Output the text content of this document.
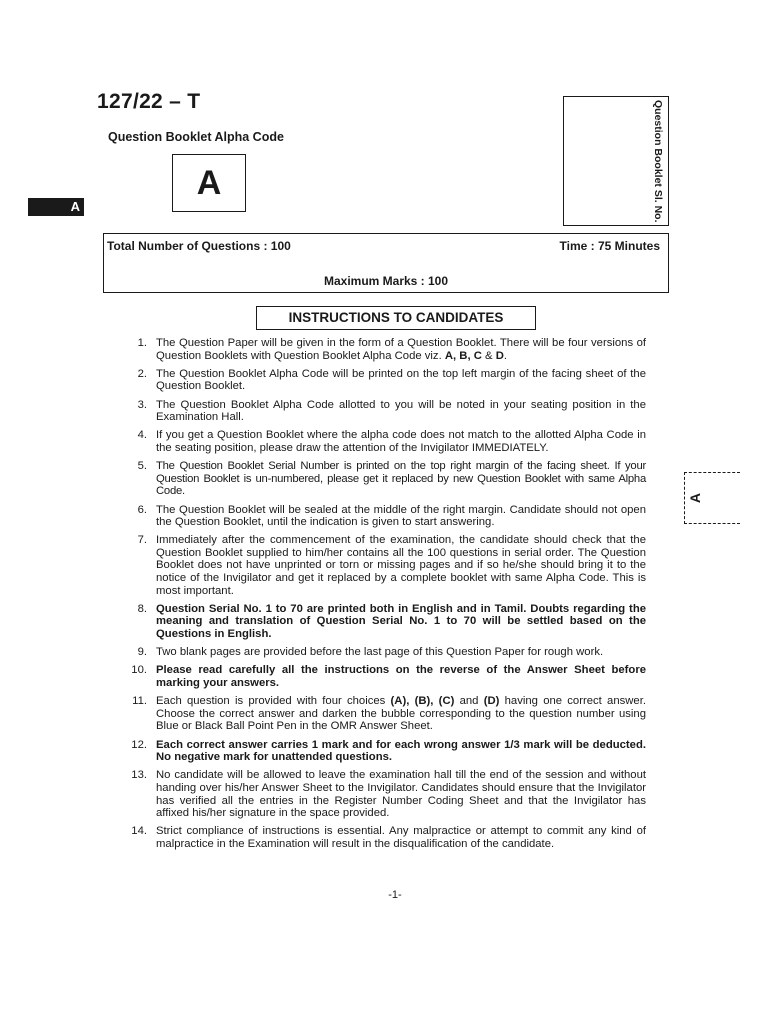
127/22 – T
Question Booklet Alpha Code
A
A	Question Booklet Sl. No.
Total Number of Questions : 100	Time : 75 Minutes
Maximum Marks : 100
INSTRUCTIONS TO CANDIDATES
1. The Question Paper will be given in the form of a Question Booklet. There will be four versions of Question Booklets with Question Booklet Alpha Code viz. A, B, C & D.
2. The Question Booklet Alpha Code will be printed on the top left margin of the facing sheet of the Question Booklet.
3. The Question Booklet Alpha Code allotted to you will be noted in your seating position in the Examination Hall.
4. If you get a Question Booklet where the alpha code does not match to the allotted Alpha Code in the seating position, please draw the attention of the Invigilator IMMEDIATELY.
5. The Question Booklet Serial Number is printed on the top right margin of the facing sheet. If your Question Booklet is un-numbered, please get it replaced by new Question Booklet with same Alpha Code.
6. The Question Booklet will be sealed at the middle of the right margin. Candidate should not open the Question Booklet, until the indication is given to start answering.
7. Immediately after the commencement of the examination, the candidate should check that the Question Booklet supplied to him/her contains all the 100 questions in serial order. The Question Booklet does not have unprinted or torn or missing pages and if so he/she should bring it to the notice of the Invigilator and get it replaced by a complete booklet with same Alpha Code. This is most important.
8. Question Serial No. 1 to 70 are printed both in English and in Tamil. Doubts regarding the meaning and translation of Question Serial No. 1 to 70 will be settled based on the Questions in English.
9. Two blank pages are provided before the last page of this Question Paper for rough work.
10. Please read carefully all the instructions on the reverse of the Answer Sheet before marking your answers.
11. Each question is provided with four choices (A), (B), (C) and (D) having one correct answer. Choose the correct answer and darken the bubble corresponding to the question number using Blue or Black Ball Point Pen in the OMR Answer Sheet.
12. Each correct answer carries 1 mark and for each wrong answer 1/3 mark will be deducted. No negative mark for unattended questions.
13. No candidate will be allowed to leave the examination hall till the end of the session and without handing over his/her Answer Sheet to the Invigilator. Candidates should ensure that the Invigilator has verified all the entries in the Register Number Coding Sheet and that the Invigilator has affixed his/her signature in the space provided.
14. Strict compliance of instructions is essential. Any malpractice or attempt to commit any kind of malpractice in the Examination will result in the disqualification of the candidate.
-1-
A
